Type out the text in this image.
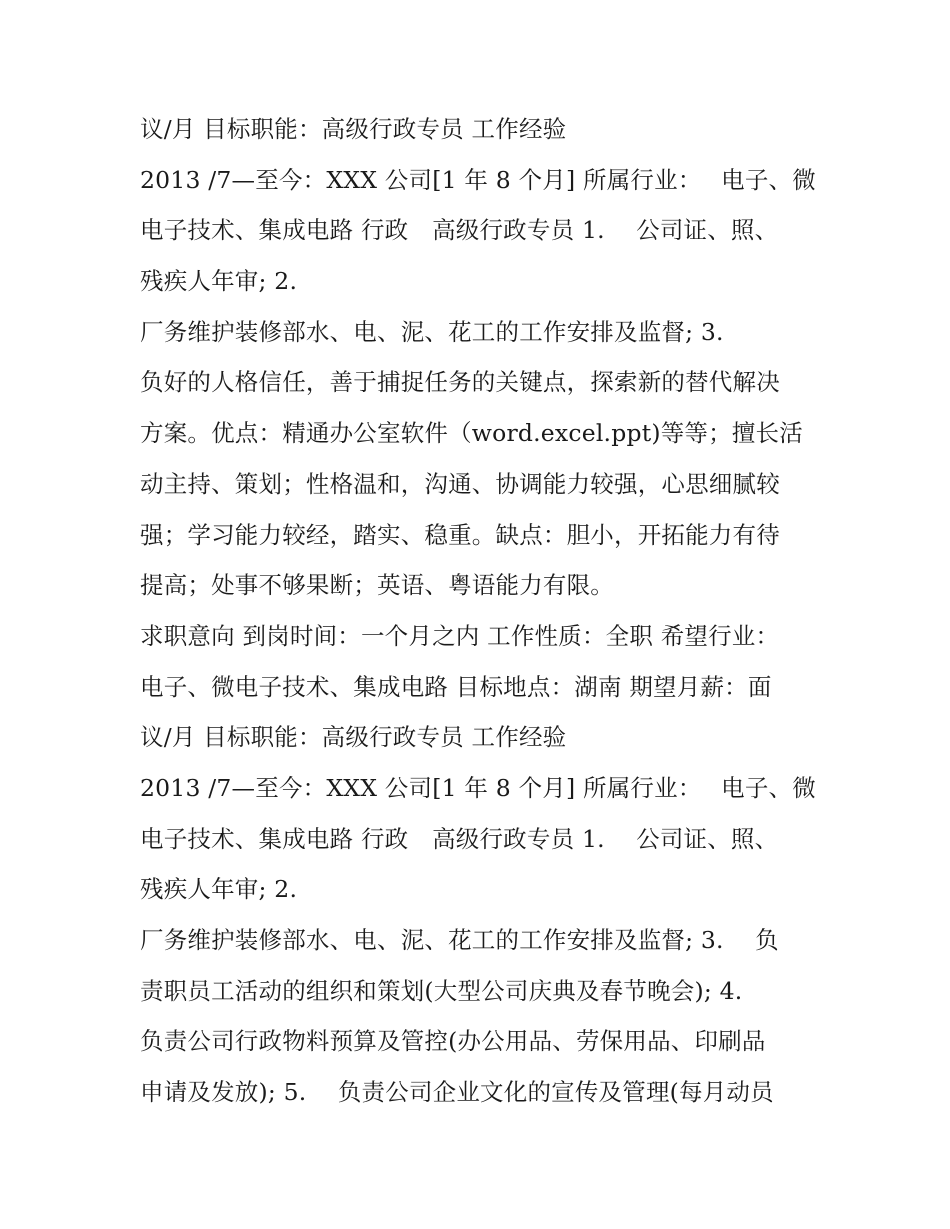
议/月 目标职能：高级行政专员 工作经验
2013 /7—至今：XXX 公司[1 年 8 个月] 所属行业：　 电子、微
电子技术、集成电路 行政　高级行政专员 1.　 公司证、照、
残疾人年审; 2.
厂务维护装修部水、电、泥、花工的工作安排及监督; 3.
负好的人格信任，善于捕捉任务的关键点，探索新的替代解决
方案。优点：精通办公室软件（word.excel.ppt)等等；擅长活
动主持、策划；性格温和，沟通、协调能力较强，心思细腻较
强；学习能力较经，踏实、稳重。缺点：胆小，开拓能力有待
提高；处事不够果断；英语、粤语能力有限。
求职意向 到岗时间：一个月之内 工作性质：全职 希望行业：
电子、微电子技术、集成电路 目标地点：湖南 期望月薪：面
议/月 目标职能：高级行政专员 工作经验
2013 /7—至今：XXX 公司[1 年 8 个月] 所属行业：　 电子、微
电子技术、集成电路 行政　高级行政专员 1.　 公司证、照、
残疾人年审; 2.
厂务维护装修部水、电、泥、花工的工作安排及监督; 3.　 负
责职员工活动的组织和策划(大型公司庆典及春节晚会); 4.
负责公司行政物料预算及管控(办公用品、劳保用品、印刷品
申请及发放); 5.　 负责公司企业文化的宣传及管理(每月动员
